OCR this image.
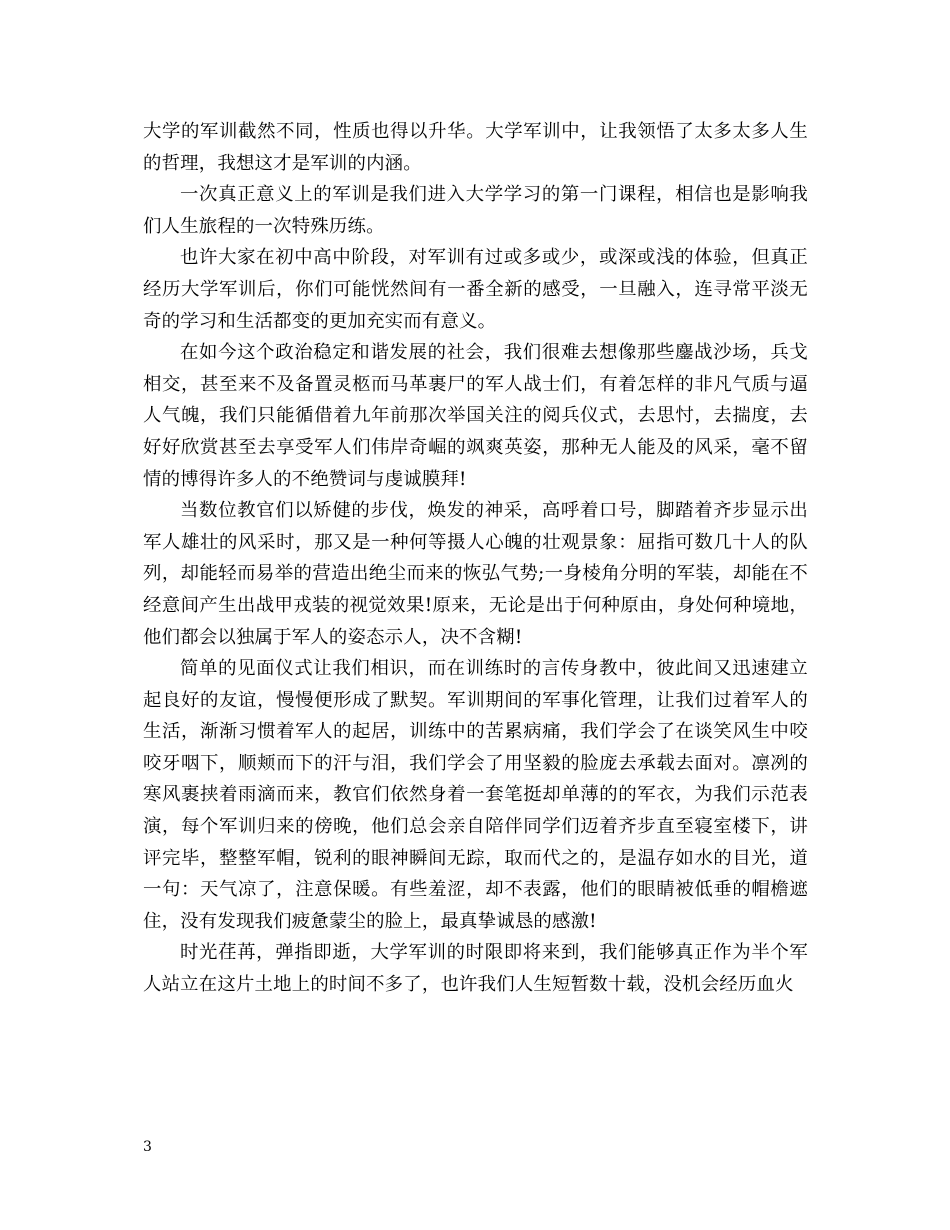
大学的军训截然不同，性质也得以升华。大学军训中，让我领悟了太多太多人生的哲理，我想这才是军训的内涵。

一次真正意义上的军训是我们进入大学学习的第一门课程，相信也是影响我们人生旅程的一次特殊历练。

也许大家在初中高中阶段，对军训有过或多或少，或深或浅的体验，但真正经历大学军训后，你们可能恍然间有一番全新的感受，一旦融入，连寻常平淡无奇的学习和生活都变的更加充实而有意义。

在如今这个政治稳定和谐发展的社会，我们很难去想像那些鏖战沙场，兵戈相交，甚至来不及备置灵柩而马革裹尸的军人战士们，有着怎样的非凡气质与逼人气魄，我们只能循借着九年前那次举国关注的阅兵仪式，去思忖，去揣度，去好好欣赏甚至去享受军人们伟岸奇崛的飒爽英姿，那种无人能及的风采，毫不留情的博得许多人的不绝赞词与虔诚膜拜!

当数位教官们以矫健的步伐，焕发的神采，高呼着口号，脚踏着齐步显示出军人雄壮的风采时，那又是一种何等摄人心魄的壮观景象：屈指可数几十人的队列，却能轻而易举的营造出绝尘而来的恢弘气势;一身棱角分明的军装，却能在不经意间产生出战甲戎装的视觉效果!原来，无论是出于何种原由，身处何种境地，他们都会以独属于军人的姿态示人，决不含糊!

简单的见面仪式让我们相识，而在训练时的言传身教中，彼此间又迅速建立起良好的友谊，慢慢便形成了默契。军训期间的军事化管理，让我们过着军人的生活，渐渐习惯着军人的起居，训练中的苦累病痛，我们学会了在谈笑风生中咬咬牙咽下，顺颊而下的汗与泪，我们学会了用坚毅的脸庞去承载去面对。凛冽的寒风裹挟着雨滴而来，教官们依然身着一套笔挺却单薄的的军衣，为我们示范表演，每个军训归来的傍晚，他们总会亲自陪伴同学们迈着齐步直至寝室楼下，讲评完毕，整整军帽，锐利的眼神瞬间无踪，取而代之的，是温存如水的目光，道一句：天气凉了，注意保暖。有些羞涩，却不表露，他们的眼睛被低垂的帽檐遮住，没有发现我们疲惫蒙尘的脸上，最真挚诚恳的感激!

时光荏苒，弹指即逝，大学军训的时限即将来到，我们能够真正作为半个军人站立在这片土地上的时间不多了，也许我们人生短暂数十载，没机会经历血火

3
